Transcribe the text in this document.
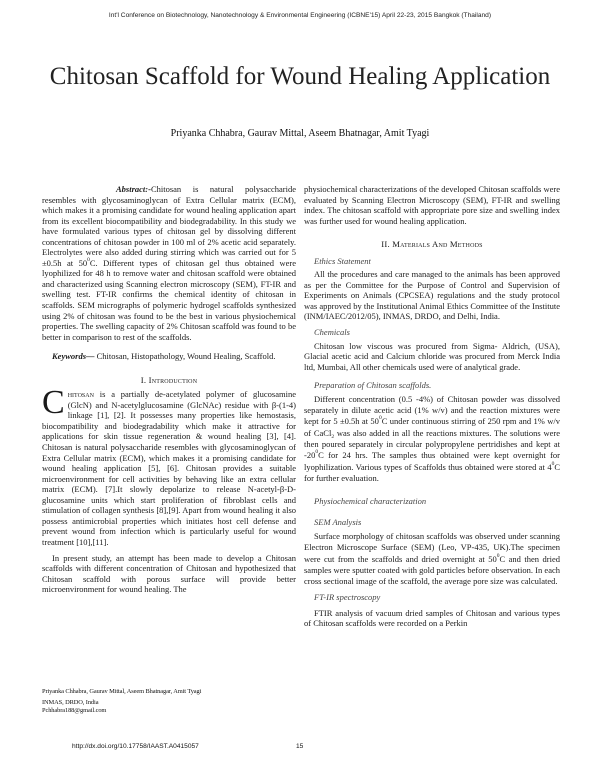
Int'l Conference on Biotechnology, Nanotechnology & Environmental Engineering (ICBNE'15) April 22-23, 2015 Bangkok (Thailand)
Chitosan Scaffold for Wound Healing Application
Priyanka Chhabra, Gaurav Mittal, Aseem Bhatnagar, Amit Tyagi

Abstract:-Chitosan is natural polysaccharide resembles with glycosaminoglycan of Extra Cellular matrix (ECM), which makes it a promising candidate for wound healing application apart from its excellent biocompatibility and biodegradability. In this study we have formulated various types of chitosan gel by dissolving different concentrations of chitosan powder in 100 ml of 2% acetic acid separately. Electrolytes were also added during stirring which was carried out for 5 ±0.5h at $50^0C$. Different types of chitosan gel thus obtained were lyophilized for 48 h to remove water and chitosan scaffold were obtained and characterized using Scanning electron microscopy (SEM), FT-IR and swelling test. FT-IR confirms the chemical identity of chitosan in scaffolds. SEM micrographs of polymeric hydrogel scaffolds synthesized using 2% of chitosan was found to be the best in various physiochemical properties. The swelling capacity of 2% Chitosan scaffold was found to be better in comparison to rest of the scaffolds.

Keywords— Chitosan, Histopathology, Wound Healing, Scaffold.

I. Introduction

Chitosan is a partially de-acetylated polymer of glucosamine (GlcN) and N-acetylglucosamine (GlcNAc) residue with β-(1-4) linkage [1], [2]. It possesses many properties like hemostasis, biocompatibility and biodegradability which make it attractive for applications for skin tissue regeneration & wound healing [3], [4]. Chitosan is natural polysaccharide resembles with glycosaminoglycan of Extra Cellular matrix (ECM), which makes it a promising candidate for wound healing application [5], [6]. Chitosan provides a suitable microenvironment for cell activities by behaving like an extra cellular matrix (ECM). [7].It slowly depolarize to release N-acetyl-β-D-glucosamine units which start proliferation of fibroblast cells and stimulation of collagen synthesis [8],[9]. Apart from wound healing it also possess antimicrobial properties which initiates host cell defense and prevent wound from infection which is particularly useful for wound treatment [10],[11].

In present study, an attempt has been made to develop a Chitosan scaffolds with different concentration of Chitosan and hypothesized that Chitosan scaffold with porous surface will provide better microenvironment for wound healing. The

Priyanka Chhabra, Gaurav Mittal, Aseem Bhatnagar, Amit Tyagi

INMAS, DRDO, India

Pchhabra188@gmail.com

physiochemical characterizations of the developed Chitosan scaffolds were evaluated by Scanning Electron Microscopy (SEM), FT-IR and swelling index. The chitosan scaffold with appropriate pore size and swelling index was further used for wound healing application.

II. Materials And Methods

Ethics Statement

All the procedures and care managed to the animals has been approved as per the Committee for the Purpose of Control and Supervision of Experiments on Animals (CPCSEA) regulations and the study protocol was approved by the Institutional Animal Ethics Committee of the Institute (INM/IAEC/2012/05), INMAS, DRDO, and Delhi, India.

Chemicals

Chitosan low viscous was procured from Sigma- Aldrich, (USA), Glacial acetic acid and Calcium chloride was procured from Merck India ltd, Mumbai, All other chemicals used were of analytical grade.

Preparation of Chitosan scaffolds.

Different concentration (0.5 -4%) of Chitosan powder was dissolved separately in dilute acetic acid (1% w/v) and the reaction mixtures were kept for 5 ±0.5h at $50^0C$ under continuous stirring of 250 rpm and 1% w/v of CaCl$_2$ was also added in all the reactions mixtures. The solutions were then poured separately in circular polypropylene pertridishes and kept at $-20^0C$ for 24 hrs. The samples thus obtained were kept overnight for lyophilization. Various types of Scaffolds thus obtained were stored at $4^0C$ for further evaluation.

Physiochemical characterization

SEM Analysis

Surface morphology of chitosan scaffolds was observed under scanning Electron Microscope Surface (SEM) (Leo, VP-435, UK).The specimen were cut from the scaffolds and dried overnight at $50^0C$ and then dried samples were sputter coated with gold particles before observation. In each cross sectional image of the scaffold, the average pore size was calculated.

FT-IR spectroscopy

FTIR analysis of vacuum dried samples of Chitosan and various types of Chitosan scaffolds were recorded on a Perkin

http://dx.doi.org/10.17758/IAAST.A0415057	15
